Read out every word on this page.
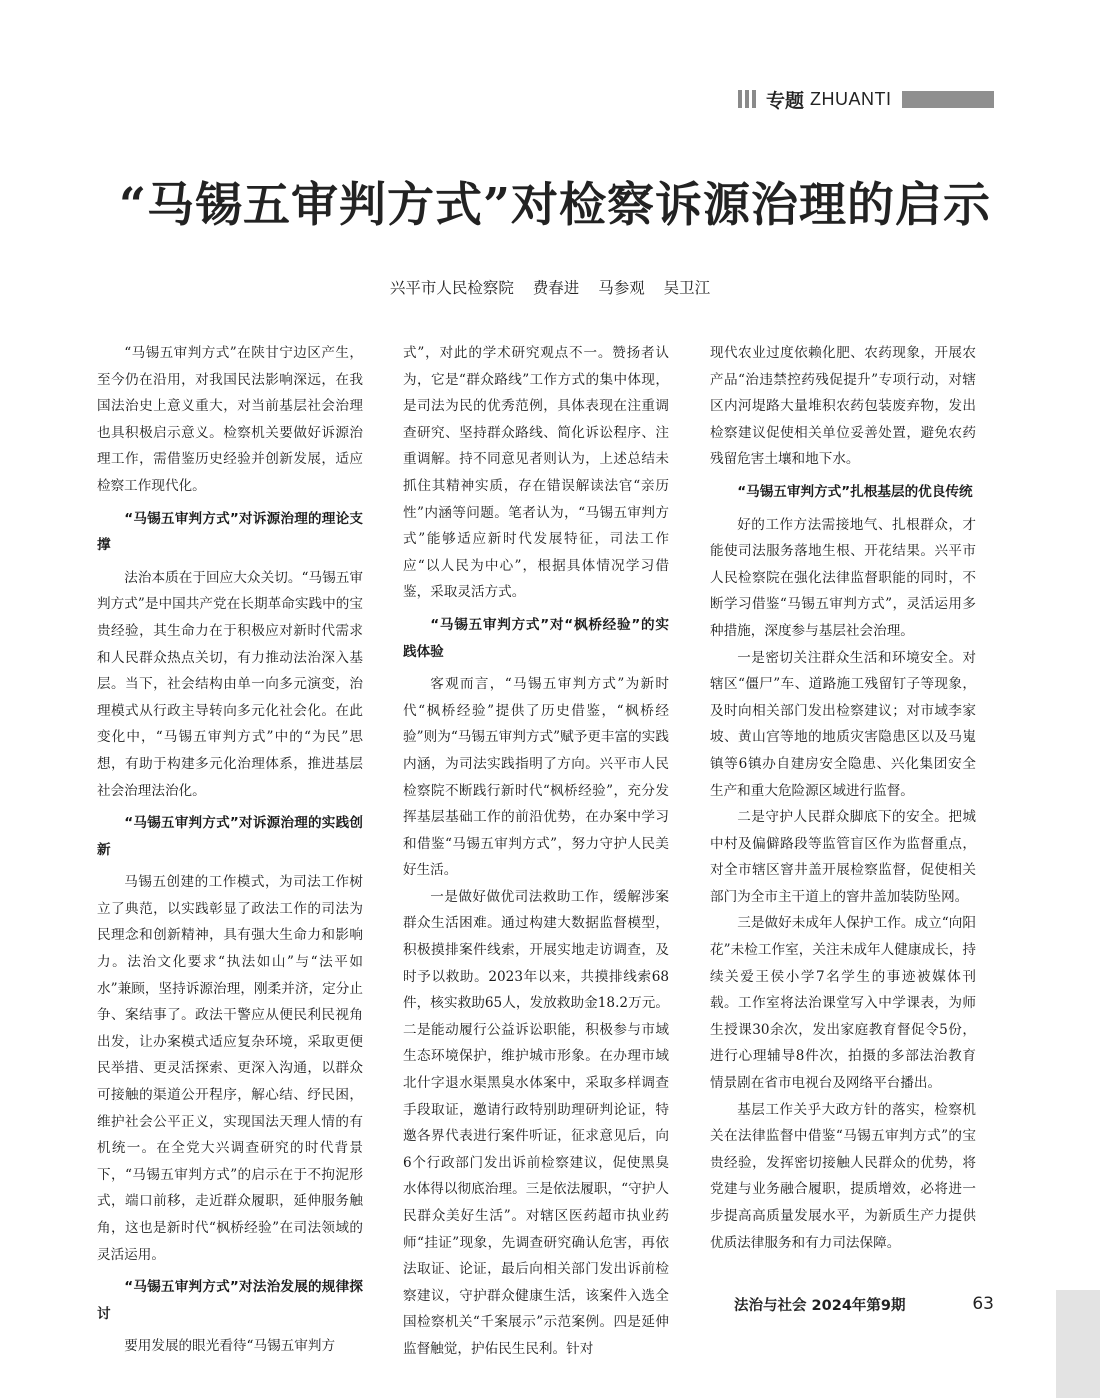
专题 ZHUANTI
“马锡五审判方式”对检察诉源治理的启示
兴平市人民检察院 费春进 马参观 吴卫江

“马锡五审判方式”在陕甘宁边区产生，至今仍在沿用，对我国民法影响深远，在我国法治史上意义重大，对当前基层社会治理也具积极启示意义。检察机关要做好诉源治理工作，需借鉴历史经验并创新发展，适应检察工作现代化。

“马锡五审判方式”对诉源治理的理论支撑

法治本质在于回应大众关切。“马锡五审判方式”是中国共产党在长期革命实践中的宝贵经验，其生命力在于积极应对新时代需求和人民群众热点关切，有力推动法治深入基层。当下，社会结构由单一向多元演变，治理模式从行政主导转向多元化社会化。在此变化中，“马锡五审判方式”中的“为民”思想，有助于构建多元化治理体系，推进基层社会治理法治化。

“马锡五审判方式”对诉源治理的实践创新

马锡五创建的工作模式，为司法工作树立了典范，以实践彰显了政法工作的司法为民理念和创新精神，具有强大生命力和影响力。法治文化要求“执法如山”与“法平如水”兼顾，坚持诉源治理，刚柔并济，定分止争、案结事了。政法干警应从便民利民视角出发，让办案模式适应复杂环境，采取更便民举措、更灵活探索、更深入沟通，以群众可接触的渠道公开程序，解心结、纾民困，维护社会公平正义，实现国法天理人情的有机统一。在全党大兴调查研究的时代背景下，“马锡五审判方式”的启示在于不拘泥形式，端口前移，走近群众履职，延伸服务触角，这也是新时代“枫桥经验”在司法领域的灵活运用。

“马锡五审判方式”对法治发展的规律探讨

要用发展的眼光看待“马锡五审判方

式”，对此的学术研究观点不一。赞扬者认为，它是“群众路线”工作方式的集中体现，是司法为民的优秀范例，具体表现在注重调查研究、坚持群众路线、简化诉讼程序、注重调解。持不同意见者则认为，上述总结未抓住其精神实质，存在错误解读法官“亲历性”内涵等问题。笔者认为，“马锡五审判方式”能够适应新时代发展特征，司法工作应“以人民为中心”，根据具体情况学习借鉴，采取灵活方式。

“马锡五审判方式”对“枫桥经验”的实践体验

客观而言，“马锡五审判方式”为新时代“枫桥经验”提供了历史借鉴，“枫桥经验”则为“马锡五审判方式”赋予更丰富的实践内涵，为司法实践指明了方向。兴平市人民检察院不断践行新时代“枫桥经验”，充分发挥基层基础工作的前沿优势，在办案中学习和借鉴“马锡五审判方式”，努力守护人民美好生活。

一是做好做优司法救助工作，缓解涉案群众生活困难。通过构建大数据监督模型，积极摸排案件线索，开展实地走访调查，及时予以救助。2023年以来，共摸排线索68件，核实救助65人，发放救助金18.2万元。二是能动履行公益诉讼职能，积极参与市域生态环境保护，维护城市形象。在办理市域北什字退水渠黑臭水体案中，采取多样调查手段取证，邀请行政特别助理研判论证，特邀各界代表进行案件听证，征求意见后，向6个行政部门发出诉前检察建议，促使黑臭水体得以彻底治理。三是依法履职，“守护人民群众美好生活”。对辖区医药超市执业药师“挂证”现象，先调查研究确认危害，再依法取证、论证，最后向相关部门发出诉前检察建议，守护群众健康生活，该案件入选全国检察机关“千案展示”示范案例。四是延伸监督触觉，护佑民生民利。针对

现代农业过度依赖化肥、农药现象，开展农产品“治违禁控药残促提升”专项行动，对辖区内河堤路大量堆积农药包装废弃物，发出检察建议促使相关单位妥善处置，避免农药残留危害土壤和地下水。

“马锡五审判方式”扎根基层的优良传统

好的工作方法需接地气、扎根群众，才能使司法服务落地生根、开花结果。兴平市人民检察院在强化法律监督职能的同时，不断学习借鉴“马锡五审判方式”，灵活运用多种措施，深度参与基层社会治理。

一是密切关注群众生活和环境安全。对辖区“僵尸”车、道路施工残留钉子等现象，及时向相关部门发出检察建议；对市域李家坡、黄山宫等地的地质灾害隐患区以及马嵬镇等6镇办自建房安全隐患、兴化集团安全生产和重大危险源区域进行监督。

二是守护人民群众脚底下的安全。把城中村及偏僻路段等监管盲区作为监督重点，对全市辖区窨井盖开展检察监督，促使相关部门为全市主干道上的窨井盖加装防坠网。

三是做好未成年人保护工作。成立“向阳花”未检工作室，关注未成年人健康成长，持续关爱王侯小学7名学生的事迹被媒体刊载。工作室将法治课堂写入中学课表，为师生授课30余次，发出家庭教育督促令5份，进行心理辅导8件次，拍摄的多部法治教育情景剧在省市电视台及网络平台播出。

基层工作关乎大政方针的落实，检察机关在法律监督中借鉴“马锡五审判方式”的宝贵经验，发挥密切接触人民群众的优势，将党建与业务融合履职，提质增效，必将进一步提高高质量发展水平，为新质生产力提供优质法律服务和有力司法保障。

法治与社会 2024年第9期	63
